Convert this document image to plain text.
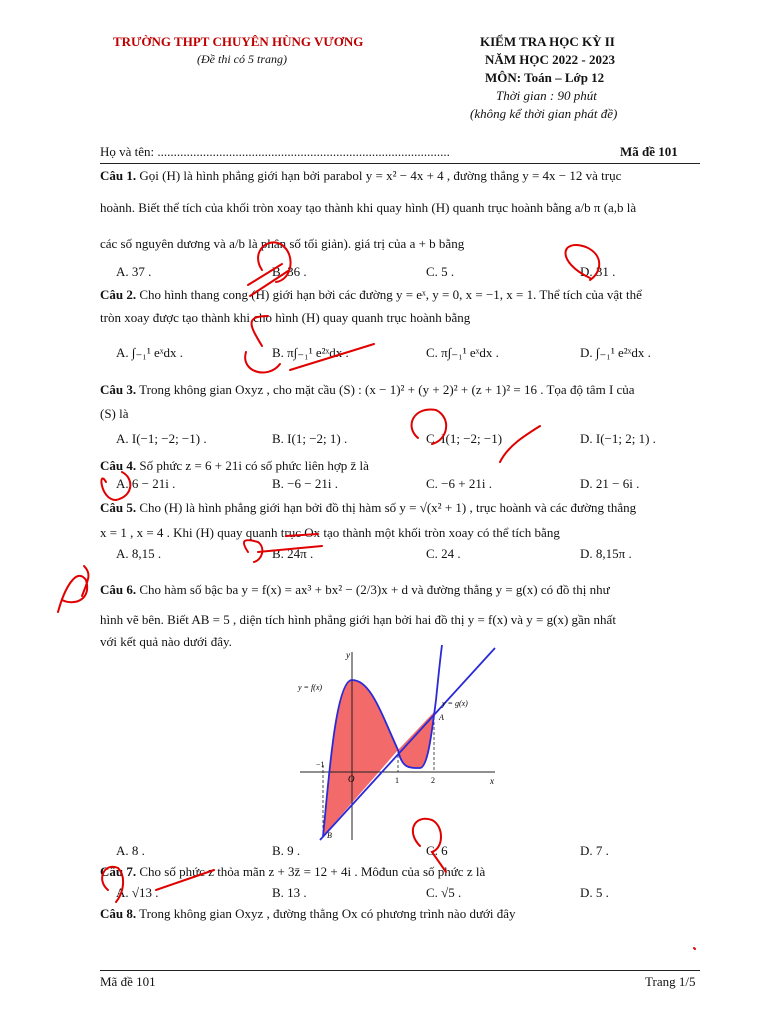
TRƯỜNG THPT CHUYÊN HÙNG VƯƠNG
(Đề thi có 5 trang)
KIỂM TRA HỌC KỲ II
NĂM HỌC 2022 - 2023
MÔN: Toán – Lớp 12
Thời gian : 90 phút
(không kể thời gian phát đề)
Họ và tên: ..........................................................................................	Mã đề 101
Câu 1. Gọi (H) là hình phẳng giới hạn bởi parabol y = x² − 4x + 4 , đường thẳng y = 4x − 12 và trục
hoành. Biết thể tích của khối tròn xoay tạo thành khi quay hình (H) quanh trục hoành bằng a/b π (a,b là
các số nguyên dương và a/b là phân số tối giản). giá trị của a + b bằng
A. 37 .	B. 36 .	C. 5 .	D. 31 .
Câu 2. Cho hình thang cong (H) giới hạn bởi các đường y = eˣ, y = 0, x = −1, x = 1. Thể tích của vật thể
tròn xoay được tạo thành khi cho hình (H) quay quanh trục hoành bằng
A. ∫₋₁¹ eˣdx .	B. π∫₋₁¹ e²ˣdx .	C. π∫₋₁¹ eˣdx .	D. ∫₋₁¹ e²ˣdx .
Câu 3. Trong không gian Oxyz , cho mặt cầu (S) : (x − 1)² + (y + 2)² + (z + 1)² = 16 . Tọa độ tâm I của
(S) là
A. I(−1; −2; −1) .	B. I(1; −2; 1) .	C. I(1; −2; −1)	D. I(−1; 2; 1) .
Câu 4. Số phức z = 6 + 21i có số phức liên hợp z̄ là
A. 6 − 21i .	B. −6 − 21i .	C. −6 + 21i .	D. 21 − 6i .
Câu 5. Cho (H) là hình phẳng giới hạn bởi đồ thị hàm số y = √(x² + 1) , trục hoành và các đường thẳng
x = 1 , x = 4 . Khi (H) quay quanh trục Ox tạo thành một khối tròn xoay có thể tích bằng
A. 8,15 .	B. 24π .	C. 24 .	D. 8,15π .
Câu 6. Cho hàm số bậc ba y = f(x) = ax³ + bx² − (2/3)x + d và đường thẳng y = g(x) có đồ thị như
hình vẽ bên. Biết AB = 5 , diện tích hình phẳng giới hạn bởi hai đồ thị y = f(x) và y = g(x) gần nhất
với kết quả nào dưới đây.
y
x
y = f(x)
y = g(x)
A
B
O
−1
1	2
A. 8 .	B. 9 .	C. 6	D. 7 .
Câu 7. Cho số phức z thỏa mãn z + 3z̄ = 12 + 4i . Môđun của số phức z là
A. √13 .	B. 13 .	C. √5 .	D. 5 .
Câu 8. Trong không gian Oxyz , đường thẳng Ox có phương trình nào dưới đây
Mã đề 101	Trang 1/5
